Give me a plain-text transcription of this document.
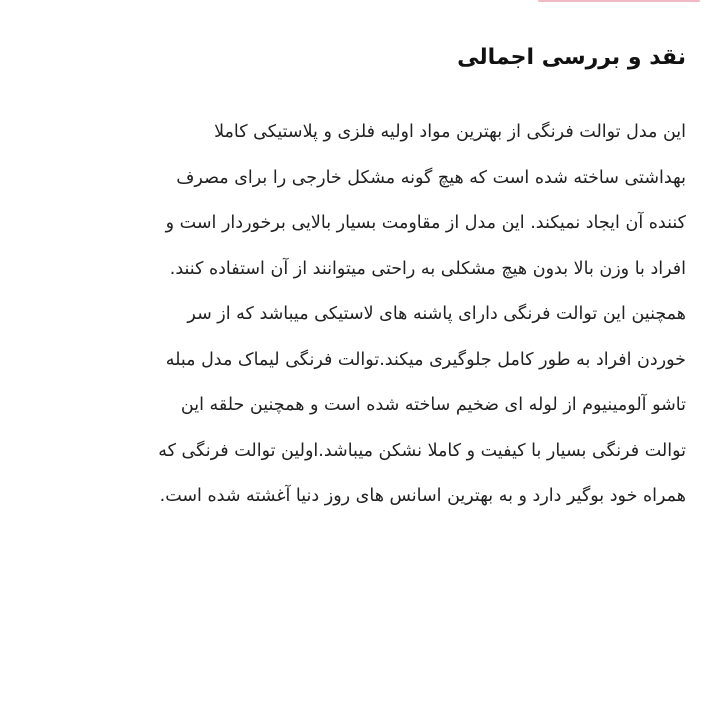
نقد و بررسی اجمالی
این مدل توالت فرنگی از بهترین مواد اولیه فلزی و پلاستیکی کاملا
بهداشتی ساخته شده است که هیچ گونه مشکل خارجی را برای مصرف
کننده آن ایجاد نمیکند. این مدل از مقاومت بسیار بالایی برخوردار است و
افراد با وزن بالا بدون هیچ مشکلی به راحتی میتوانند از آن استفاده کنند.
همچنین این توالت فرنگی دارای پاشنه های لاستیکی میباشد که از سر
خوردن افراد به طور کامل جلوگیری میکند.توالت فرنگی لیماک مدل مبله
تاشو آلومینیوم از لوله ای ضخیم ساخته شده است و همچنین حلقه این
توالت فرنگی بسیار با کیفیت و کاملا نشکن میباشد.اولین توالت فرنگی که
همراه خود بوگیر دارد و به بهترین اسانس های روز دنیا آغشته شده است.
